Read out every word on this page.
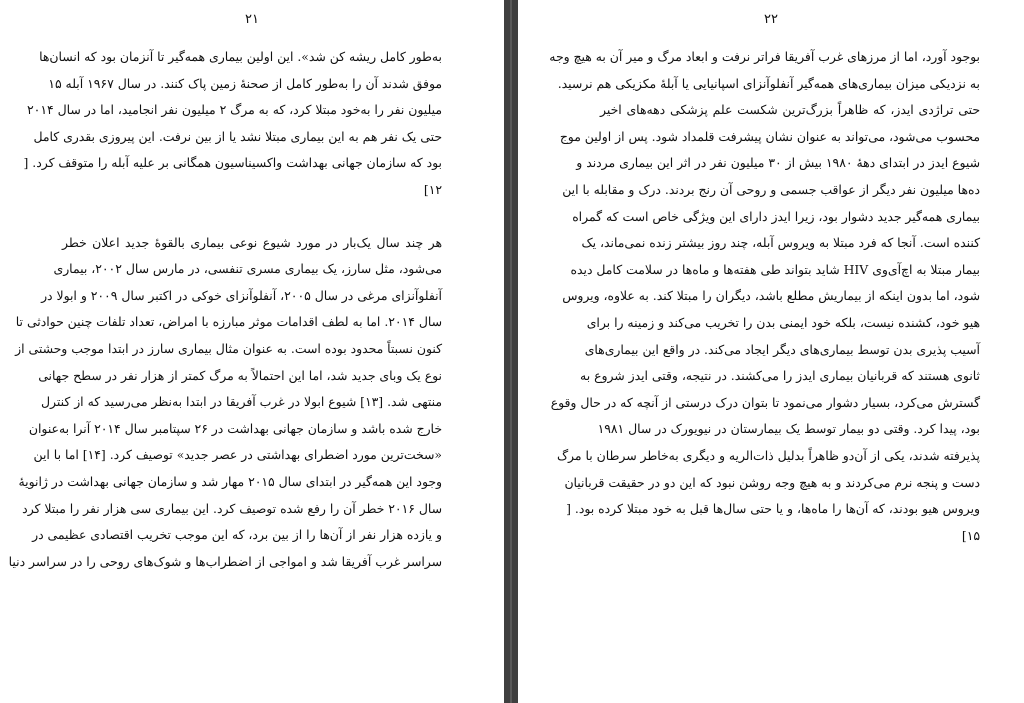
۲۱
به‌طور کامل ریشه کن شد». این اولین بیماری همه‌گیر تا آنزمان بود که انسان‌ها
موفق شدند آن را به‌طور کامل از صحنۀ زمین پاک کنند. در سال ۱۹۶۷ آبله ۱۵
میلیون نفر را به‌خود مبتلا کرد، که به مرگ ۲ میلیون نفر انجامید، اما در سال ۲۰۱۴
حتی یک نفر هم به این بیماری مبتلا نشد یا از بین نرفت. این پیروزی بقدری کامل
بود که سازمان جهانی بهداشت واکسیناسیون همگانی بر علیه آبله را متوقف کرد. [
۱۲]
هر چند سال یک‌بار در مورد شیوع نوعی بیماری بالقوۀ جدید اعلان خطر
می‌شود، مثل سارز، یک بیماری مسری تنفسی، در مارس سال ۲۰۰۲، بیماری
آنفلوآنزای مرغی در سال ۲۰۰۵، آنفلوآنزای خوکی در اکتبر سال ۲۰۰۹ و ابولا در
سال ۲۰۱۴. اما به لطف اقدامات موثر مبارزه با امراض، تعداد تلفات چنین حوادثی تا
کنون نسبتاً محدود بوده است. به عنوان مثال بیماری سارز در ابتدا موجب وحشتی از
نوع یک وبای جدید شد، اما این احتمالاً به مرگ کمتر از هزار نفر در سطح جهانی
منتهی شد. [۱۳] شیوع ابولا در غرب آفریقا در ابتدا به‌نظر می‌رسید که از کنترل
خارج شده باشد و سازمان جهانی بهداشت در ۲۶ سپتامبر سال ۲۰۱۴ آنرا به‌عنوان
«سخت‌ترین مورد اضطرای بهداشتی در عصر جدید» توصیف کرد. [۱۴] اما با این
وجود این همه‌گیر در ابتدای سال ۲۰۱۵ مهار شد و سازمان جهانی بهداشت در ژانویۀ
سال ۲۰۱۶ خطر آن را رفع شده توصیف کرد. این بیماری سی هزار نفر را مبتلا کرد
و یازده هزار نفر از آن‌ها را از بین برد، که این موجب تخریب اقتصادی عظیمی در
سراسر غرب آفریقا شد و امواجی از اضطراب‌ها و شوک‌های روحی را در سراسر دنیا
۲۲
بوجود آورد، اما از مرزهای غرب آفریقا فراتر نرفت و ابعاد مرگ و میر آن به هیچ وجه
به نزدیکی میزان بیماری‌های همه‌گیر آنفلوآنزای اسپانیایی یا آبلۀ مکزیکی هم نرسید.
حتی تراژدی ایدز، که ظاهراً بزرگ‌ترین شکست علم پزشکی دهه‌های اخیر
محسوب می‌شود، می‌تواند به عنوان نشان پیشرفت قلمداد شود. پس از اولین موج
شیوع ایدز در ابتدای دهۀ ۱۹۸۰ بیش از ۳۰ میلیون نفر در اثر این بیماری مردند و
ده‌ها میلیون نفر دیگر از عواقب جسمی و روحی آن رنج بردند. درک و مقابله با این
بیماری همه‌گیر جدید دشوار بود، زیرا ایدز دارای این ویژگی خاص است که گمراه
کننده است. آنجا که فرد مبتلا به ویروس آبله، چند روز بیشتر زنده نمی‌ماند، یک
بیمار مبتلا به اچ‌آی‌وی HIV شاید بتواند طی هفته‌ها و ماه‌ها در سلامت کامل دیده
شود، اما بدون اینکه از بیماریش مطلع باشد، دیگران را مبتلا کند. به علاوه، ویروس
هیو خود، کشنده نیست، بلکه خود ایمنی بدن را تخریب می‌کند و زمینه را برای
آسیب پذیری بدن توسط بیماری‌های دیگر ایجاد می‌کند. در واقع این بیماری‌های
ثانوی هستند که قربانیان بیماری ایدز را می‌کشند. در نتیجه، وقتی ایدز شروع به
گسترش می‌کرد، بسیار دشوار می‌نمود تا بتوان درک درستی از آنچه که در حال وقوع
بود، پیدا کرد. وقتی دو بیمار توسط یک بیمارستان در نیویورک در سال ۱۹۸۱
پذیرفته شدند، یکی از آن‌دو ظاهراً بدلیل ذات‌الریه و دیگری به‌خاطر سرطان با مرگ
دست و پنجه نرم می‌کردند و به هیچ وجه روشن نبود که این دو در حقیقت قربانیان
ویروس هیو بودند، که آن‌ها را ماه‌ها، و یا حتی سال‌ها قبل به خود مبتلا کرده بود. [
۱۵]
